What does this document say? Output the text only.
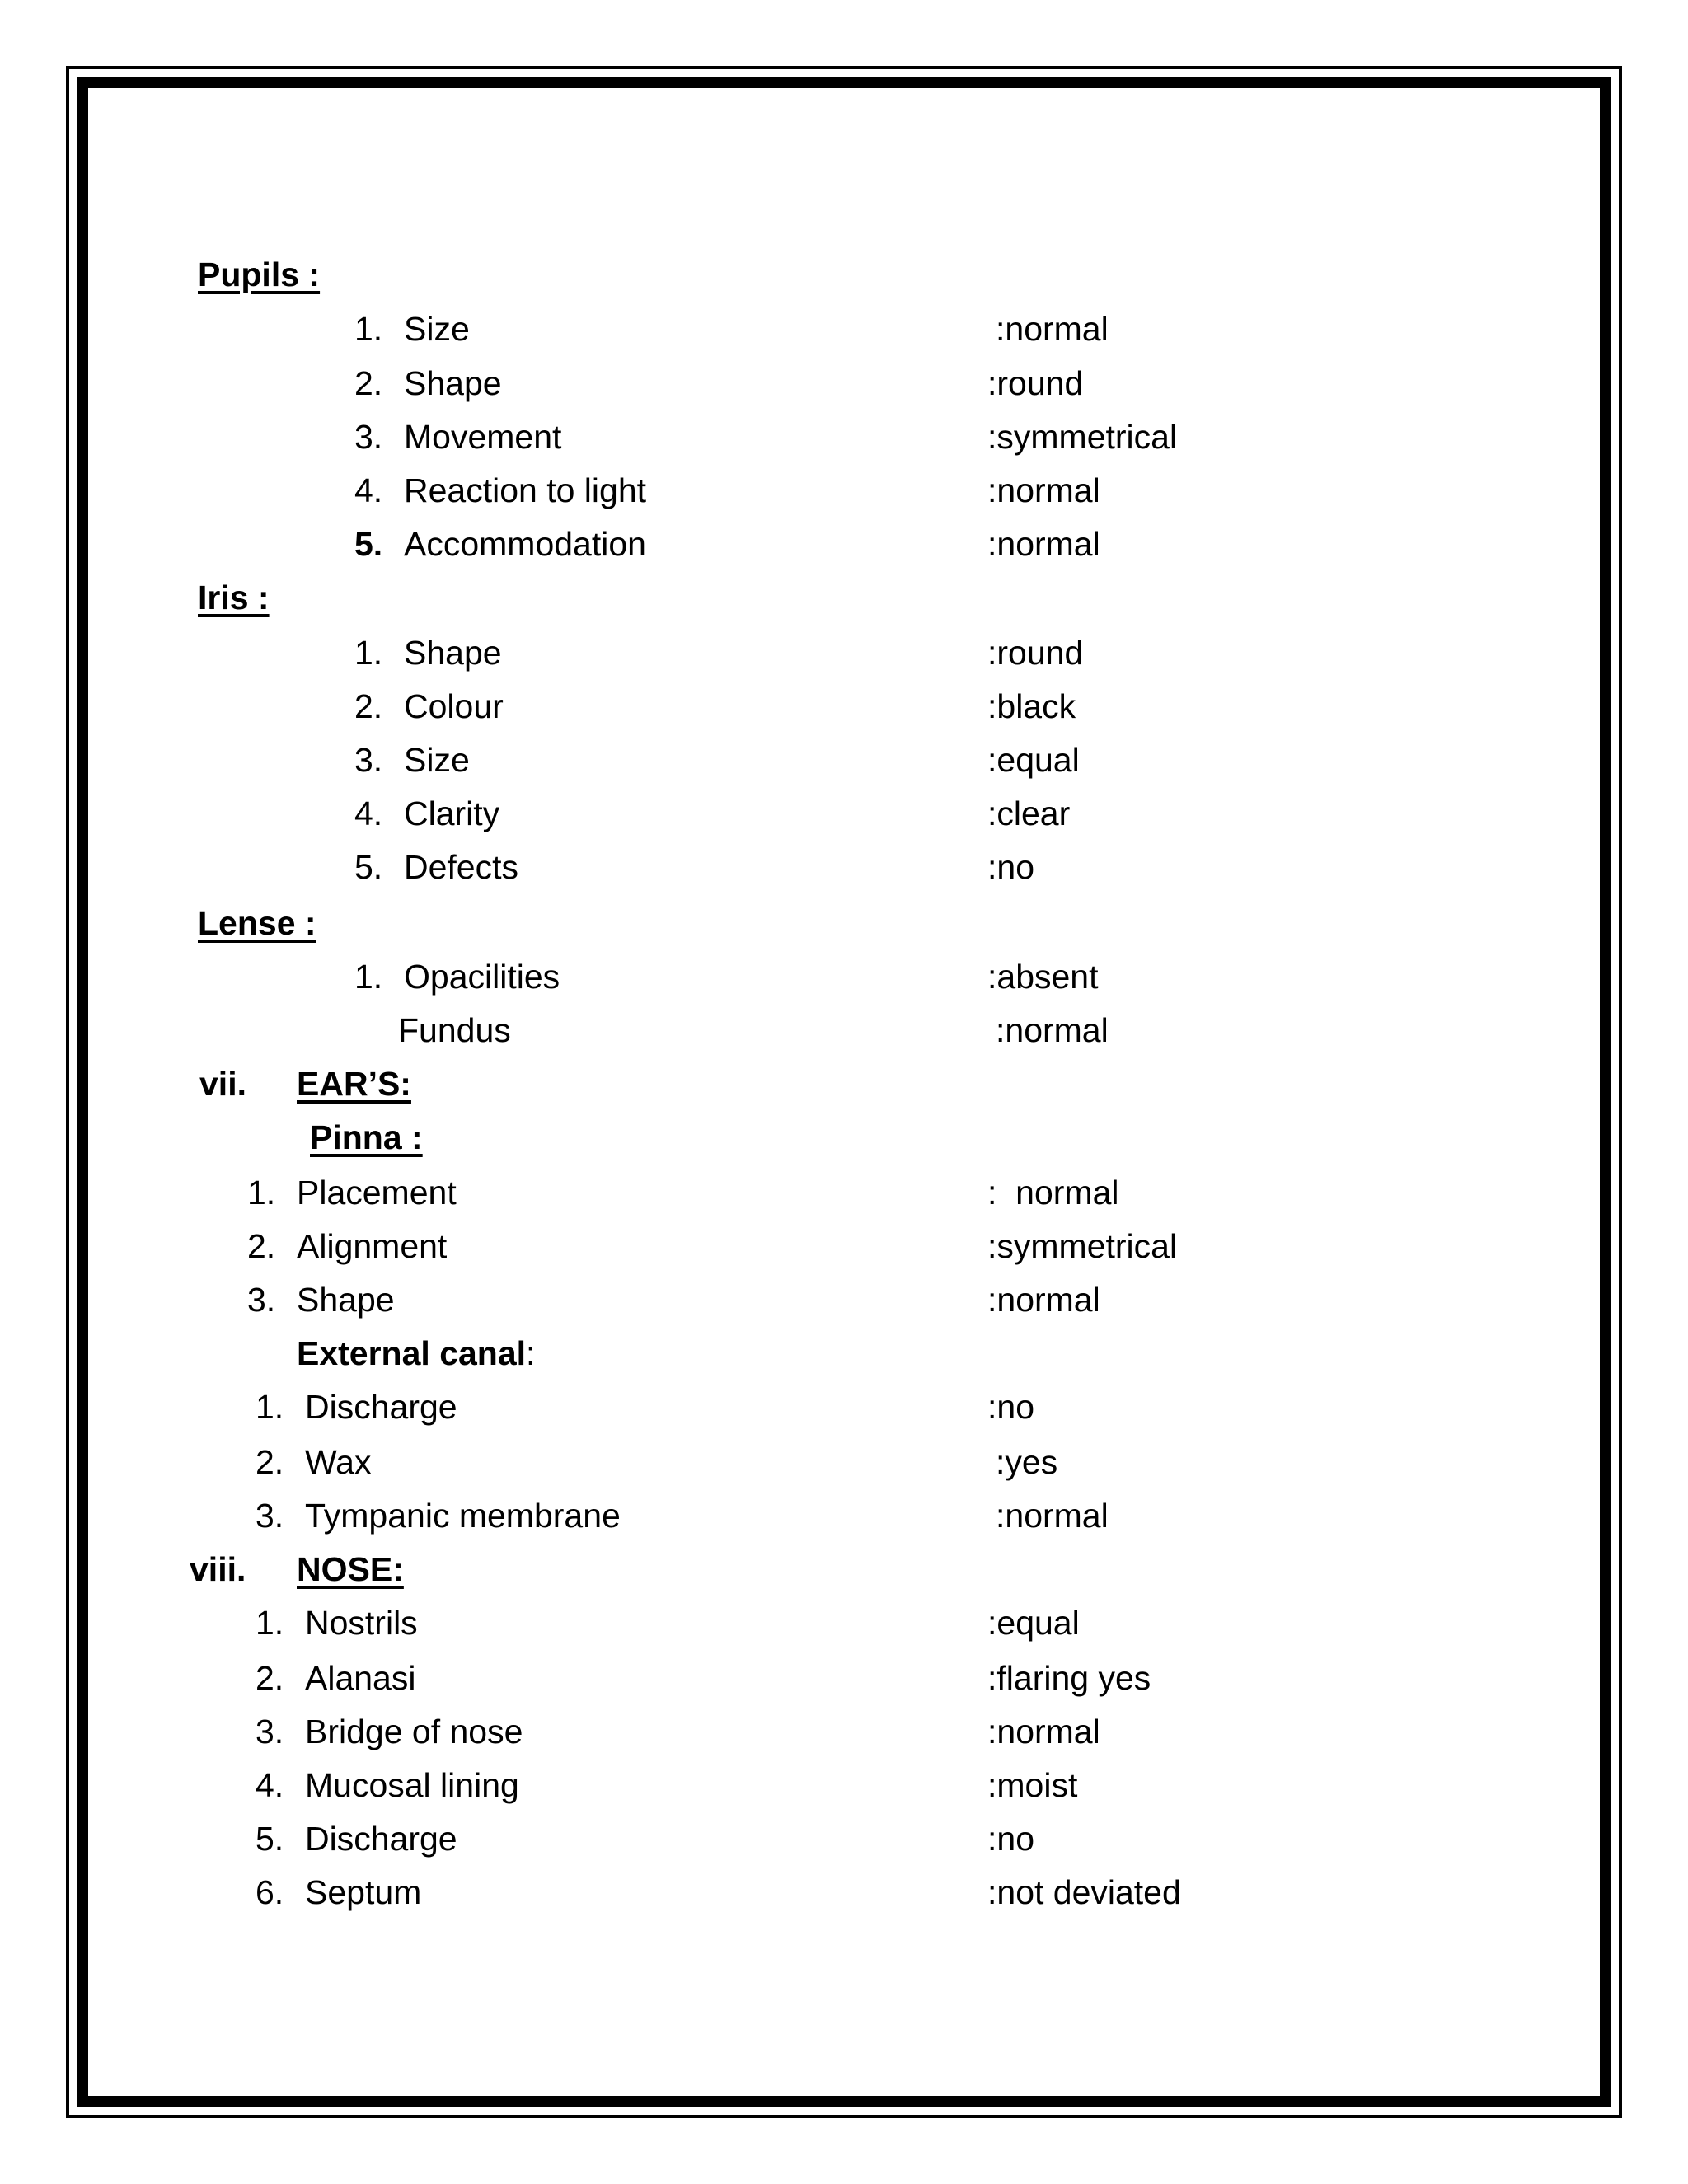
Pupils :
1. Size	:normal
2. Shape	:round
3. Movement	:symmetrical
4. Reaction to light	:normal
5. Accommodation	:normal
Iris :
1. Shape	:round
2. Colour	:black
3. Size	:equal
4. Clarity	:clear
5. Defects	:no
Lense :
1. Opacilities	:absent
Fundus	:normal
vii. EAR’S:
Pinna :
1. Placement	:  normal
2. Alignment	:symmetrical
3. Shape	:normal
External canal:
1. Discharge	:no
2. Wax	:yes
3. Tympanic membrane	:normal
viii. NOSE:
1. Nostrils	:equal
2. Alanasi	:flaring yes
3. Bridge of nose	:normal
4. Mucosal lining	:moist
5. Discharge	:no
6. Septum	:not deviated
